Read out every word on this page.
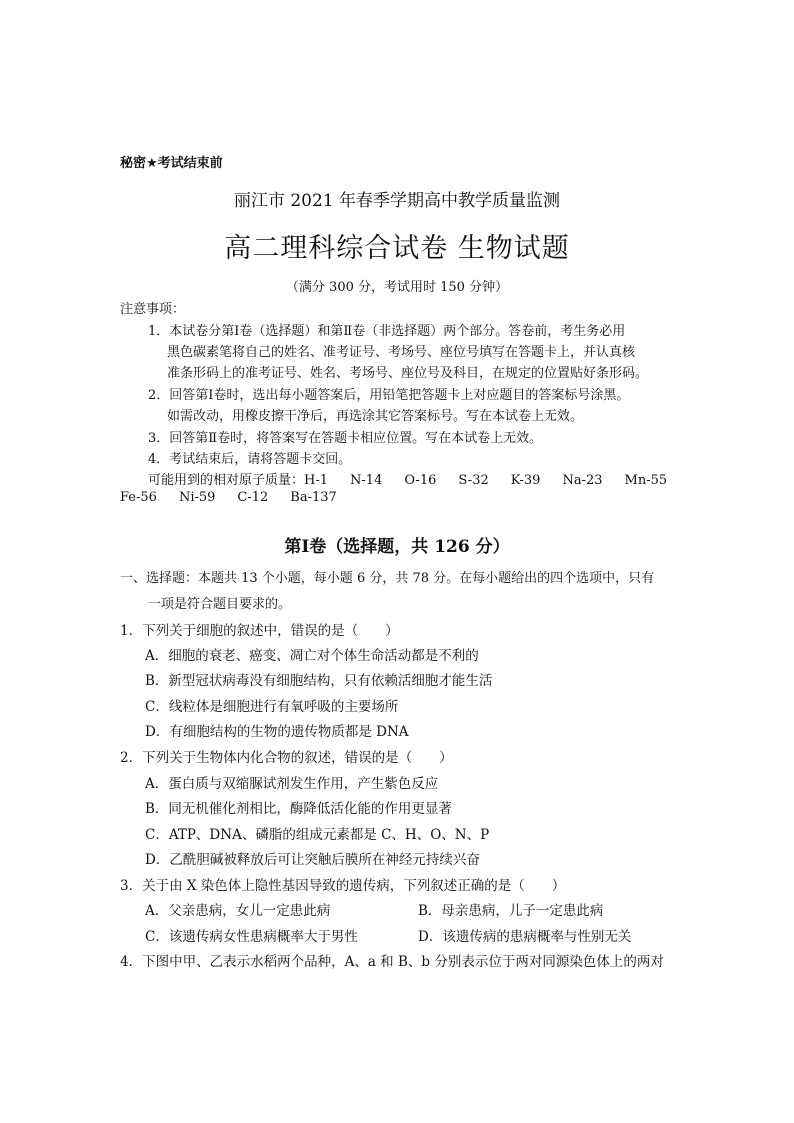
秘密★考试结束前
丽江市 2021 年春季学期高中教学质量监测
高二理科综合试卷 生物试题
（满分 300 分，考试用时 150 分钟）
注意事项：
1．本试卷分第Ⅰ卷（选择题）和第Ⅱ卷（非选择题）两个部分。答卷前，考生务必用
黑色碳素笔将自己的姓名、准考证号、考场号、座位号填写在答题卡上，并认真核
准条形码上的准考证号、姓名、考场号、座位号及科目，在规定的位置贴好条形码。
2．回答第Ⅰ卷时，选出每小题答案后，用铅笔把答题卡上对应题目的答案标号涂黑。
如需改动，用橡皮擦干净后，再选涂其它答案标号。写在本试卷上无效。
3．回答第Ⅱ卷时，将答案写在答题卡相应位置。写在本试卷上无效。
4．考试结束后，请将答题卡交回。
可能用到的相对原子质量：H-1 N-14 O-16 S-32 K-39 Na-23 Mn-55
Fe-56 Ni-59 C-12 Ba-137
第Ⅰ卷（选择题，共 126 分）
一、选择题：本题共 13 个小题，每小题 6 分，共 78 分。在每小题给出的四个选项中，只有
一项是符合题目要求的。
1．下列关于细胞的叙述中，错误的是（　　）
A．细胞的衰老、癌变、凋亡对个体生命活动都是不利的
B．新型冠状病毒没有细胞结构，只有依赖活细胞才能生活
C．线粒体是细胞进行有氧呼吸的主要场所
D．有细胞结构的生物的遗传物质都是 DNA
2．下列关于生物体内化合物的叙述，错误的是（　　）
A．蛋白质与双缩脲试剂发生作用，产生紫色反应
B．同无机催化剂相比，酶降低活化能的作用更显著
C．ATP、DNA、磷脂的组成元素都是 C、H、O、N、P
D．乙酰胆碱被释放后可让突触后膜所在神经元持续兴奋
3．关于由 X 染色体上隐性基因导致的遗传病，下列叙述正确的是（　　）
A．父亲患病，女儿一定患此病	B．母亲患病，儿子一定患此病
C．该遗传病女性患病概率大于男性	D．该遗传病的患病概率与性别无关
4．下图中甲、乙表示水稻两个品种，A、a 和 B、b 分别表示位于两对同源染色体上的两对
